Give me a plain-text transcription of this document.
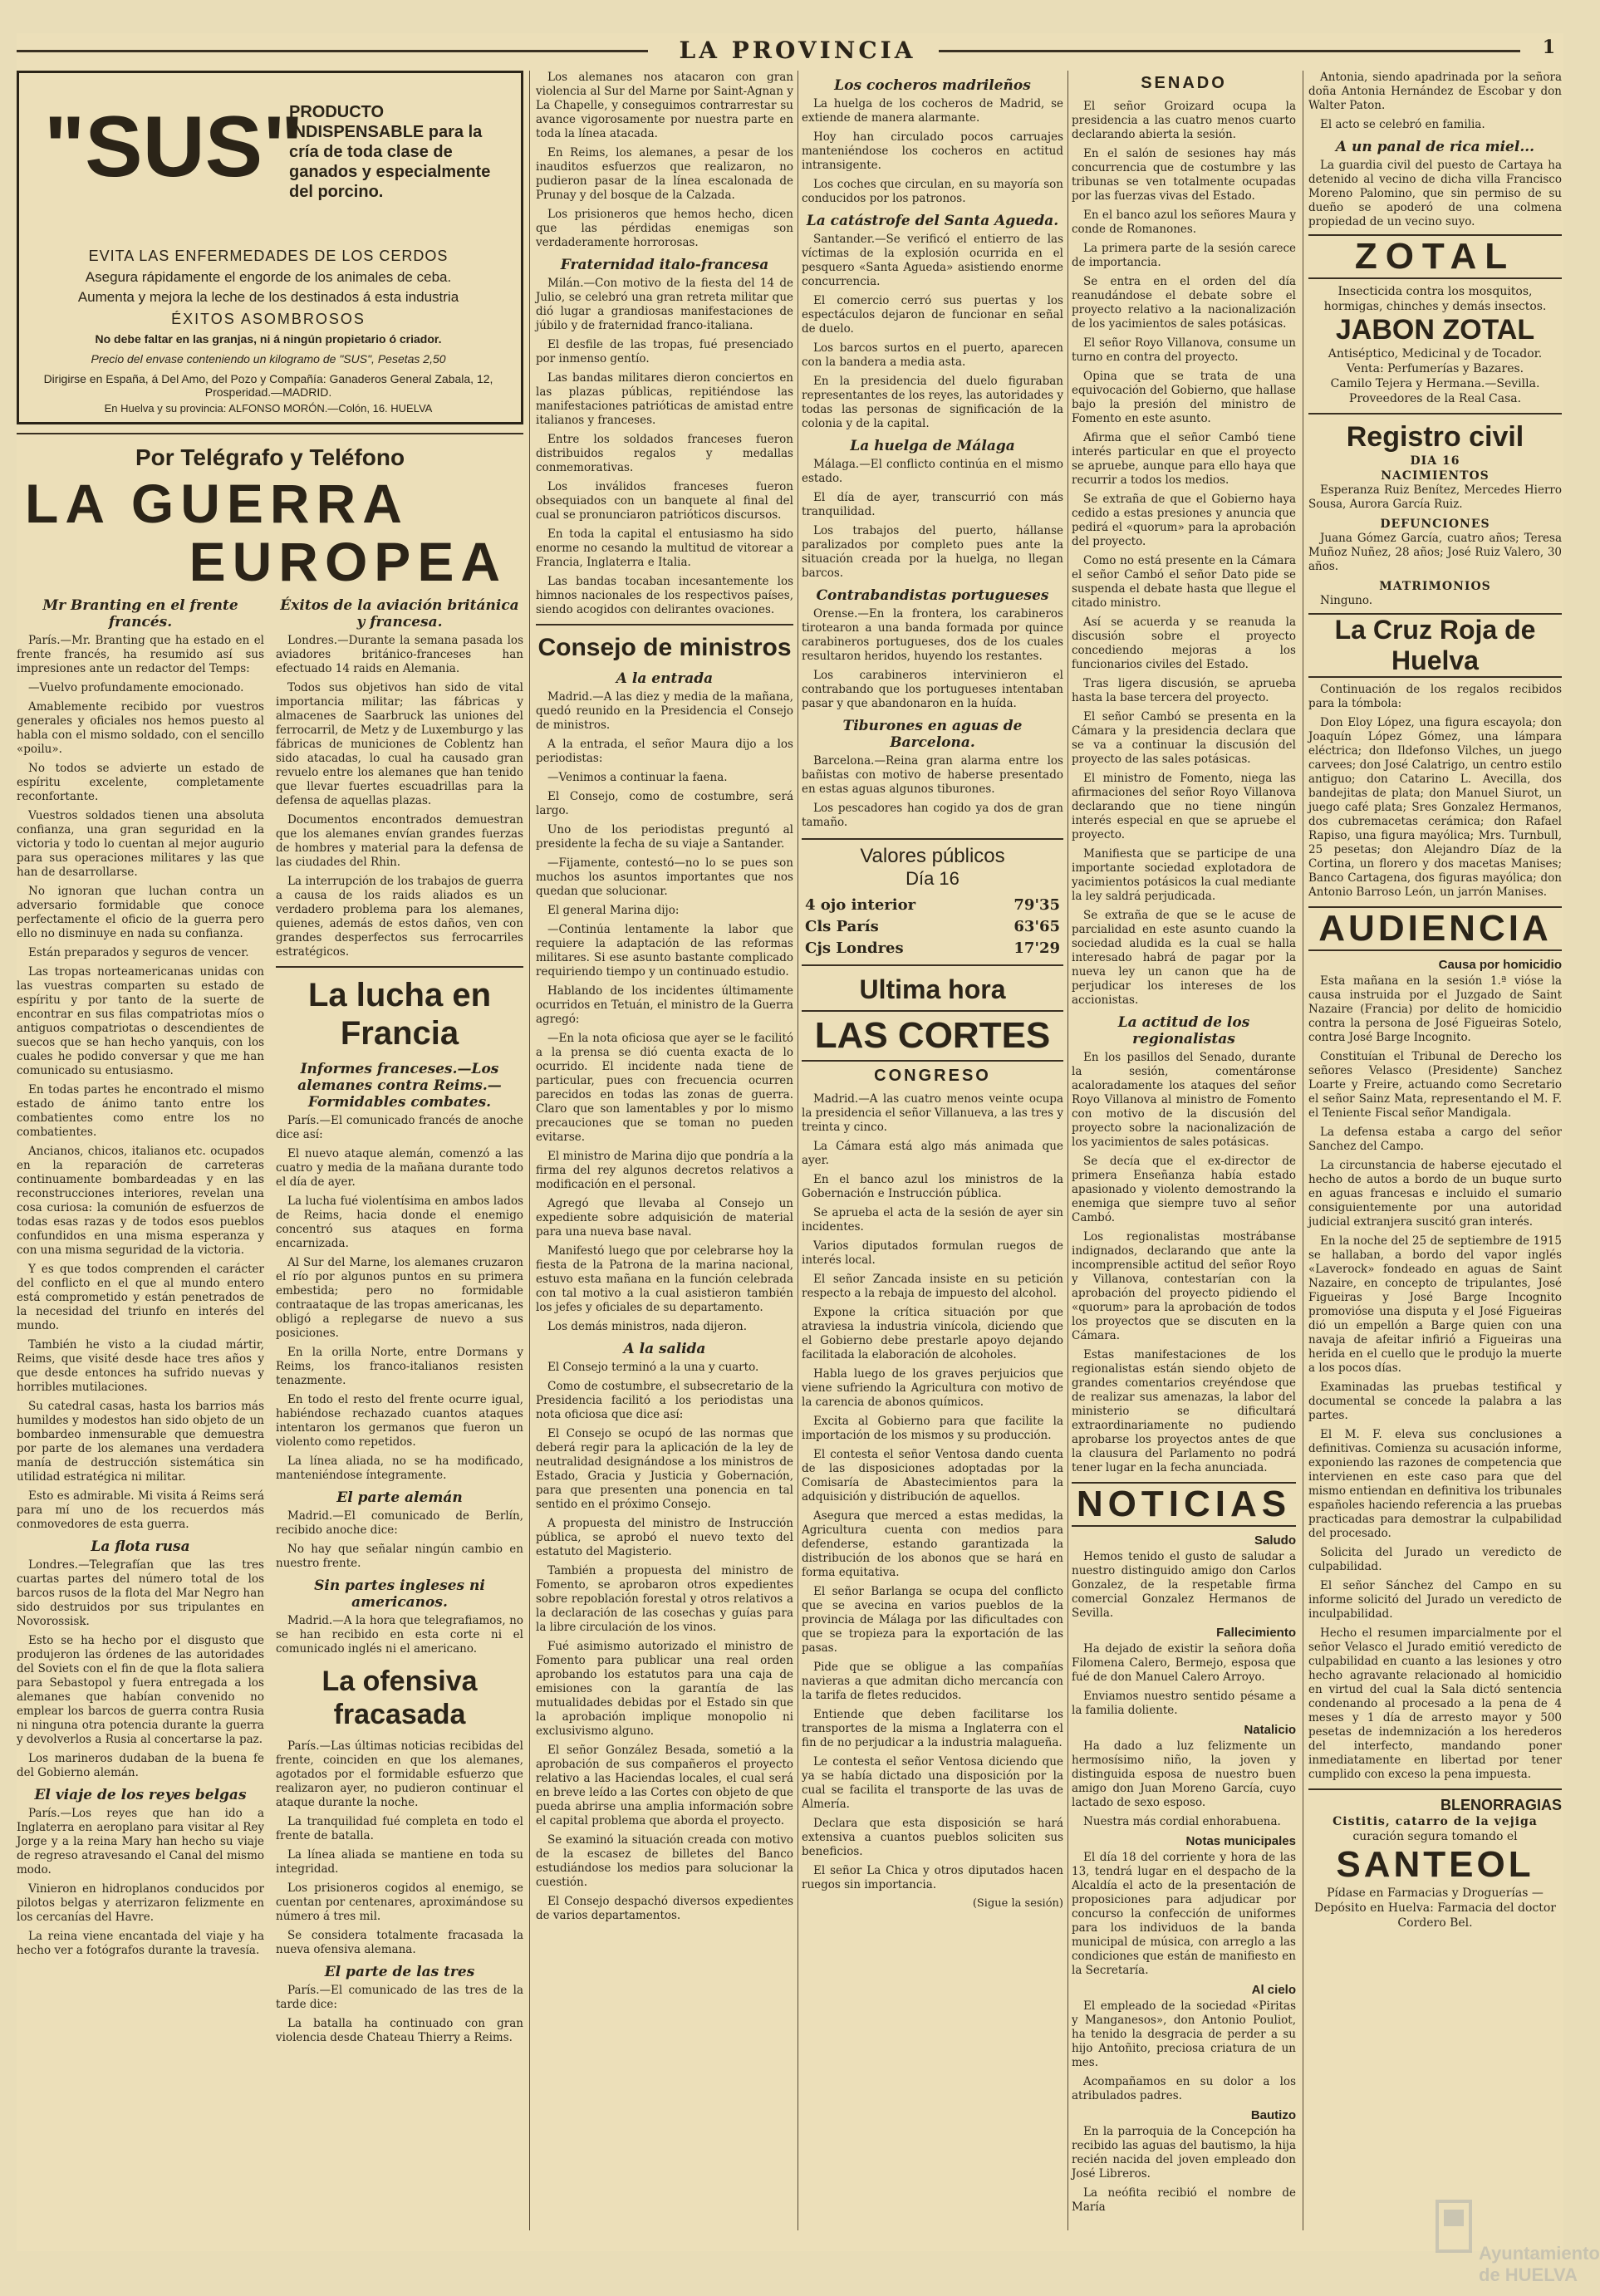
LA PROVINCIA	1
"SUS"
PRODUCTO INDISPENSABLE para la cría de toda clase de ganados y especialmente del porcino.
EVITA LAS ENFERMEDADES DE LOS CERDOS
Asegura rápidamente el engorde de los animales de ceba.
Aumenta y mejora la leche de los destinados á esta industria
ÉXITOS ASOMBROSOS
No debe faltar en las granjas, ni á ningún propietario ó criador.
Precio del envase conteniendo un kilogramo de "SUS", Pesetas 2,50
Dirigirse en España, á Del Amo, del Pozo y Compañía: Ganaderos General Zabala, 12, Prosperidad.—MADRID.
En Huelva y su provincia: ALFONSO MORÓN.—Colón, 16. HUELVA
Por Telégrafo y Teléfono
LA GUERRA
EUROPEA
Mr Branting en el frente francés.

París.—Mr. Branting que ha estado en el frente francés, ha resumido así sus impresiones ante un redactor del Temps:

—Vuelvo profundamente emocionado.

Amablemente recibido por vuestros generales y oficiales nos hemos puesto al habla con el mismo soldado, con el sencillo «poilu».

No todos se advierte un estado de espíritu excelente, completamente reconfortante.

Vuestros soldados tienen una absoluta confianza, una gran seguridad en la victoria y todo lo cuentan al mejor augurio para sus operaciones militares y las que han de desarrollarse.

No ignoran que luchan contra un adversario formidable que conoce perfectamente el oficio de la guerra pero ello no disminuye en nada su confianza.

Están preparados y seguros de vencer.

Las tropas norteamericanas unidas con las vuestras comparten su estado de espíritu y por tanto de la suerte de encontrar en sus filas compatriotas míos o antiguos compatriotas o descendientes de suecos que se han hecho yanquis, con los cuales he podido conversar y que me han comunicado su entusiasmo.

En todas partes he encontrado el mismo estado de ánimo tanto entre los combatientes como entre los no combatientes.

Ancianos, chicos, italianos etc. ocupados en la reparación de carreteras continuamente bombardeadas y en las reconstrucciones interiores, revelan una cosa curiosa: la comunión de esfuerzos de todas esas razas y de todos esos pueblos confundidos en una misma esperanza y con una misma seguridad de la victoria.

Y es que todos comprenden el carácter del conflicto en el que al mundo entero está comprometido y están penetrados de la necesidad del triunfo en interés del mundo.

También he visto a la ciudad mártir, Reims, que visité desde hace tres años y que desde entonces ha sufrido nuevas y horribles mutilaciones.

Su catedral casas, hasta los barrios más humildes y modestos han sido objeto de un bombardeo inmensurable que demuestra por parte de los alemanes una verdadera manía de destrucción sistemática sin utilidad estratégica ni militar.

Esto es admirable. Mi visita á Reims será para mí uno de los recuerdos más conmovedores de esta guerra.

La flota rusa

Londres.—Telegrafían que las tres cuartas partes del número total de los barcos rusos de la flota del Mar Negro han sido destruidos por sus tripulantes en Novorossisk.

Esto se ha hecho por el disgusto que produjeron las órdenes de las autoridades del Soviets con el fin de que la flota saliera para Sebastopol y fuera entregada a los alemanes que habían convenido no emplear los barcos de guerra contra Rusia ni ninguna otra potencia durante la guerra y devolverlos a Rusia al concertarse la paz.

Los marineros dudaban de la buena fe del Gobierno alemán.

El viaje de los reyes belgas

París.—Los reyes que han ido a Inglaterra en aeroplano para visitar al Rey Jorge y a la reina Mary han hecho su viaje de regreso atravesando el Canal del mismo modo.

Vinieron en hidroplanos conducidos por pilotos belgas y aterrizaron felizmente en los cercanías del Havre.

La reina viene encantada del viaje y ha hecho ver a fotógrafos durante la travesía.

Éxitos de la aviación británica y francesa.

Londres.—Durante la semana pasada los aviadores británico-franceses han efectuado 14 raids en Alemania.

Todos sus objetivos han sido de vital importancia militar; las fábricas y almacenes de Saarbruck las uniones del ferrocarril, de Metz y de Luxemburgo y las fábricas de municiones de Coblentz han sido atacadas, lo cual ha causado gran revuelo entre los alemanes que han tenido que llevar fuertes escuadrillas para la defensa de aquellas plazas.

Documentos encontrados demuestran que los alemanes envían grandes fuerzas de hombres y material para la defensa de las ciudades del Rhin.

La interrupción de los trabajos de guerra a causa de los raids aliados es un verdadero problema para los alemanes, quienes, además de estos daños, ven con grandes desperfectos sus ferrocarriles estratégicos.

La lucha en Francia
Informes franceses.—Los alemanes contra Reims.—Formidables combates.

París.—El comunicado francés de anoche dice así:

El nuevo ataque alemán, comenzó a las cuatro y media de la mañana durante todo el día de ayer.

La lucha fué violentísima en ambos lados de Reims, hacia donde el enemigo concentró sus ataques en forma encarnizada.

Al Sur del Marne, los alemanes cruzaron el río por algunos puntos en su primera embestida; pero no formidable contraataque de las tropas americanas, les obligó a replegarse de nuevo a sus posiciones.

En la orilla Norte, entre Dormans y Reims, los franco-italianos resisten tenazmente.

En todo el resto del frente ocurre igual, habiéndose rechazado cuantos ataques intentaron los germanos que fueron un violento como repetidos.

La línea aliada, no se ha modificado, manteniéndose íntegramente.

El parte alemán

Madrid.—El comunicado de Berlín, recibido anoche dice:

No hay que señalar ningún cambio en nuestro frente.

Sin partes ingleses ni americanos.

Madrid.—A la hora que telegrafiamos, no se han recibido en esta corte ni el comunicado inglés ni el americano.

La ofensiva fracasada

París.—Las últimas noticias recibidas del frente, coinciden en que los alemanes, agotados por el formidable esfuerzo que realizaron ayer, no pudieron continuar el ataque durante la noche.

La tranquilidad fué completa en todo el frente de batalla.

La línea aliada se mantiene en toda su integridad.

Los prisioneros cogidos al enemigo, se cuentan por centenares, aproximándose su número á tres mil.

Se considera totalmente fracasada la nueva ofensiva alemana.

El parte de las tres

París.—El comunicado de las tres de la tarde dice:

La batalla ha continuado con gran violencia desde Chateau Thierry a Reims.

Los alemanes nos atacaron con gran violencia al Sur del Marne por Saint-Agnan y La Chapelle, y conseguimos contrarrestar su avance vigorosamente por nuestra parte en toda la línea atacada.

En Reims, los alemanes, a pesar de los inauditos esfuerzos que realizaron, no pudieron pasar de la línea escalonada de Prunay y del bosque de la Calzada.

Los prisioneros que hemos hecho, dicen que las pérdidas enemigas son verdaderamente horrorosas.

Fraternidad italo-francesa

Milán.—Con motivo de la fiesta del 14 de Julio, se celebró una gran retreta militar que dió lugar a grandiosas manifestaciones de júbilo y de fraternidad franco-italiana.

El desfile de las tropas, fué presenciado por inmenso gentío.

Las bandas militares dieron conciertos en las plazas públicas, repitiéndose las manifestaciones patrióticas de amistad entre italianos y franceses.

Entre los soldados franceses fueron distribuidos regalos y medallas conmemorativas.

Los inválidos franceses fueron obsequiados con un banquete al final del cual se pronunciaron patrióticos discursos.

En toda la capital el entusiasmo ha sido enorme no cesando la multitud de vitorear a Francia, Inglaterra e Italia.

Las bandas tocaban incesantemente los himnos nacionales de los respectivos países, siendo acogidos con delirantes ovaciones.

Consejo de ministros
A la entrada

Madrid.—A las diez y media de la mañana, quedó reunido en la Presidencia el Consejo de ministros.

A la entrada, el señor Maura dijo a los periodistas:

—Venimos a continuar la faena.

El Consejo, como de costumbre, será largo.

Uno de los periodistas preguntó al presidente la fecha de su viaje a Santander.

—Fijamente, contestó—no lo se pues son muchos los asuntos importantes que nos quedan que solucionar.

El general Marina dijo:

—Continúa lentamente la labor que requiere la adaptación de las reformas militares. Si ese asunto bastante complicado requiriendo tiempo y un continuado estudio.

Hablando de los incidentes últimamente ocurridos en Tetuán, el ministro de la Guerra agregó:

—En la nota oficiosa que ayer se le facilitó a la prensa se dió cuenta exacta de lo ocurrido. El incidente nada tiene de particular, pues con frecuencia ocurren parecidos en todas las zonas de guerra. Claro que son lamentables y por lo mismo precauciones que se toman no pueden evitarse.

El ministro de Marina dijo que pondría a la firma del rey algunos decretos relativos a modificación en el personal.

Agregó que llevaba al Consejo un expediente sobre adquisición de material para una nueva base naval.

Manifestó luego que por celebrarse hoy la fiesta de la Patrona de la marina nacional, estuvo esta mañana en la función celebrada con tal motivo a la cual asistieron también los jefes y oficiales de su departamento.

Los demás ministros, nada dijeron.

A la salida

El Consejo terminó a la una y cuarto.

Como de costumbre, el subsecretario de la Presidencia facilitó a los periodistas una nota oficiosa que dice así:

El Consejo se ocupó de las normas que deberá regir para la aplicación de la ley de neutralidad designándose a los ministros de Estado, Gracia y Justicia y Gobernación, para que presenten una ponencia en tal sentido en el próximo Consejo.

A propuesta del ministro de Instrucción pública, se aprobó el nuevo texto del estatuto del Magisterio.

También a propuesta del ministro de Fomento, se aprobaron otros expedientes sobre repoblación forestal y otros relativos a la declaración de las cosechas y guías para la libre circulación de los vinos.

Fué asimismo autorizado el ministro de Fomento para publicar una real orden aprobando los estatutos para una caja de emisiones con la garantía de las mutualidades debidas por el Estado sin que la aprobación implique monopolio ni exclusivismo alguno.

El señor González Besada, sometió a la aprobación de sus compañeros el proyecto relativo a las Haciendas locales, el cual será en breve leído a las Cortes con objeto de que pueda abrirse una amplia información sobre el capital problema que aborda el proyecto.

Se examinó la situación creada con motivo de la escasez de billetes del Banco estudiándose los medios para solucionar la cuestión.

El Consejo despachó diversos expedientes de varios departamentos.

Los cocheros madrileños

La huelga de los cocheros de Madrid, se extiende de manera alarmante.

Hoy han circulado pocos carruajes manteniéndose los cocheros en actitud intransigente.

Los coches que circulan, en su mayoría son conducidos por los patronos.

La catástrofe del Santa Agueda.

Santander.—Se verificó el entierro de las víctimas de la explosión ocurrida en el pesquero «Santa Agueda» asistiendo enorme concurrencia.

El comercio cerró sus puertas y los espectáculos dejaron de funcionar en señal de duelo.

Los barcos surtos en el puerto, aparecen con la bandera a media asta.

En la presidencia del duelo figuraban representantes de los reyes, las autoridades y todas las personas de significación de la colonia y de la capital.

La huelga de Málaga

Málaga.—El conflicto continúa en el mismo estado.

El día de ayer, transcurrió con más tranquilidad.

Los trabajos del puerto, hállanse paralizados por completo pues ante la situación creada por la huelga, no llegan barcos.

Contrabandistas portugueses

Orense.—En la frontera, los carabineros tirotearon a una banda formada por quince carabineros portugueses, dos de los cuales resultaron heridos, huyendo los restantes.

Los carabineros intervinieron el contrabando que los portugueses intentaban pasar y que abandonaron en la huída.

Tiburones en aguas de Barcelona.

Barcelona.—Reina gran alarma entre los bañistas con motivo de haberse presentado en estas aguas algunos tiburones.

Los pescadores han cogido ya dos de gran tamaño.

Valores públicos
Día 16
4 ojo interior	79'35
Cls París	63'65
Cjs Londres	17'29
Ultima hora
LAS CORTES
CONGRESO

Madrid.—A las cuatro menos veinte ocupa la presidencia el señor Villanueva, a las tres y treinta y cinco.

La Cámara está algo más animada que ayer.

En el banco azul los ministros de la Gobernación e Instrucción pública.

Se aprueba el acta de la sesión de ayer sin incidentes.

Varios diputados formulan ruegos de interés local.

El señor Zancada insiste en su petición respecto a la rebaja de impuesto del alcohol.

Expone la crítica situación por que atraviesa la industria vinícola, diciendo que el Gobierno debe prestarle apoyo dejando facilitada la elaboración de alcoholes.

Habla luego de los graves perjuicios que viene sufriendo la Agricultura con motivo de la carencia de abonos químicos.

Excita al Gobierno para que facilite la importación de los mismos y su producción.

El contesta el señor Ventosa dando cuenta de las disposiciones adoptadas por la Comisaría de Abastecimientos para la adquisición y distribución de aquellos.

Asegura que merced a estas medidas, la Agricultura cuenta con medios para defenderse, estando garantizada la distribución de los abonos que se hará en forma equitativa.

El señor Barlanga se ocupa del conflicto que se avecina en varios pueblos de la provincia de Málaga por las dificultades con que se tropieza para la exportación de las pasas.

Pide que se obligue a las compañías navieras a que admitan dicho mercancía con la tarifa de fletes reducidos.

Entiende que deben facilitarse los transportes de la misma a Inglaterra con el fin de no perjudicar a la industria malagueña.

Le contesta el señor Ventosa diciendo que ya se había dictado una disposición por la cual se facilita el transporte de las uvas de Almería.

Declara que esta disposición se hará extensiva a cuantos pueblos soliciten sus beneficios.

El señor La Chica y otros diputados hacen ruegos sin importancia.

(Sigue la sesión)
SENADO

El señor Groizard ocupa la presidencia a las cuatro menos cuarto declarando abierta la sesión.

En el salón de sesiones hay más concurrencia que de costumbre y las tribunas se ven totalmente ocupadas por las fuerzas vivas del Estado.

En el banco azul los señores Maura y conde de Romanones.

La primera parte de la sesión carece de importancia.

Se entra en el orden del día reanudándose el debate sobre el proyecto relativo a la nacionalización de los yacimientos de sales potásicas.

El señor Royo Villanova, consume un turno en contra del proyecto.

Opina que se trata de una equivocación del Gobierno, que hallase bajo la presión del ministro de Fomento en este asunto.

Afirma que el señor Cambó tiene interés particular en que el proyecto se apruebe, aunque para ello haya que recurrir a todos los medios.

Se extraña de que el Gobierno haya cedido a estas presiones y anuncia que pedirá el «quorum» para la aprobación del proyecto.

Como no está presente en la Cámara el señor Cambó el señor Dato pide se suspenda el debate hasta que llegue el citado ministro.

Así se acuerda y se reanuda la discusión sobre el proyecto concediendo mejoras a los funcionarios civiles del Estado.

Tras ligera discusión, se aprueba hasta la base tercera del proyecto.

El señor Cambó se presenta en la Cámara y la presidencia declara que se va a continuar la discusión del proyecto de las sales potásicas.

El ministro de Fomento, niega las afirmaciones del señor Royo Villanova declarando que no tiene ningún interés especial en que se apruebe el proyecto.

Manifiesta que se participe de una importante sociedad explotadora de yacimientos potásicos la cual mediante la ley saldrá perjudicada.

Se extraña de que se le acuse de parcialidad en este asunto cuando la sociedad aludida es la cual se halla interesado habrá de pagar por la nueva ley un canon que ha de perjudicar los intereses de los accionistas.

La actitud de los regionalistas

En los pasillos del Senado, durante la sesión, comentáronse acaloradamente los ataques del señor Royo Villanova al ministro de Fomento con motivo de la discusión del proyecto sobre la nacionalización de los yacimientos de sales potásicas.

Se decía que el ex-director de primera Enseñanza había estado apasionado y violento demostrando la enemiga que siempre tuvo al señor Cambó.

Los regionalistas mostrábanse indignados, declarando que ante la incomprensible actitud del señor Royo y Villanova, contestarían con la aprobación del proyecto pidiendo el «quorum» para la aprobación de todos los proyectos que se discuten en la Cámara.

Estas manifestaciones de los regionalistas están siendo objeto de grandes comentarios creyéndose que de realizar sus amenazas, la labor del ministerio se dificultará extraordinariamente no pudiendo aprobarse los proyectos antes de que la clausura del Parlamento no podrá tener lugar en la fecha anunciada.

NOTICIAS
Saludo

Hemos tenido el gusto de saludar a nuestro distinguido amigo don Carlos Gonzalez, de la respetable firma comercial Gonzalez Hermanos de Sevilla.

Fallecimiento

Ha dejado de existir la señora doña Filomena Calero, Bermejo, esposa que fué de don Manuel Calero Arroyo.

Enviamos nuestro sentido pésame a la familia doliente.

Natalicio

Ha dado a luz felizmente un hermosísimo niño, la joven y distinguida esposa de nuestro buen amigo don Juan Moreno García, cuyo lactado de sexo esposo.

Nuestra más cordial enhorabuena.

Notas municipales

El día 18 del corriente y hora de las 13, tendrá lugar en el despacho de la Alcaldía el acto de la presentación de proposiciones para adjudicar por concurso la confección de uniformes para los individuos de la banda municipal de música, con arreglo a las condiciones que están de manifiesto en la Secretaría.

Al cielo

El empleado de la sociedad «Piritas y Manganesos», don Antonio Pouliot, ha tenido la desgracia de perder a su hijo Antoñito, preciosa criatura de un mes.

Acompañamos en su dolor a los atribulados padres.

Bautizo

En la parroquia de la Concepción ha recibido las aguas del bautismo, la hija recién nacida del joven empleado don José Libreros.

La neófita recibió el nombre de María

Antonia, siendo apadrinada por la señora doña Antonia Hernández de Escobar y don Walter Paton.

El acto se celebró en familia.

A un panal de rica miel...

La guardia civil del puesto de Cartaya ha detenido al vecino de dicha villa Francisco Moreno Palomino, que sin permiso de su dueño se apoderó de una colmena propiedad de un vecino suyo.

ZOTAL
Insecticida contra los mosquitos, hormigas, chinches y demás insectos.
JABON ZOTAL
Antiséptico, Medicinal y de Tocador.
Venta: Perfumerías y Bazares.
Camilo Tejera y Hermana.—Sevilla.
Proveedores de la Real Casa.
Registro civil
DIA 16
NACIMIENTOS

Esperanza Ruiz Benítez, Mercedes Hierro Sousa, Aurora García Ruiz.

DEFUNCIONES

Juana Gómez García, cuatro años; Teresa Muñoz Nuñez, 28 años; José Ruiz Valero, 30 años.

MATRIMONIOS

Ninguno.

La Cruz Roja de Huelva

Continuación de los regalos recibidos para la tómbola:

Don Eloy López, una figura escayola; don Joaquín López Gómez, una lámpara eléctrica; don Ildefonso Vilches, un juego carvees; don José Calatrigo, un centro estilo antiguo; don Catarino L. Avecilla, dos bandejitas de plata; don Manuel Siurot, un juego café plata; Sres Gonzalez Hermanos, dos cubremacetas cerámica; don Rafael Rapiso, una figura mayólica; Mrs. Turnbull, 25 pesetas; don Alejandro Díaz de la Cortina, un florero y dos macetas Manises; Banco Cartagena, dos figuras mayólica; don Antonio Barroso León, un jarrón Manises.

AUDIENCIA
Causa por homicidio

Esta mañana en la sesión 1.ª vióse la causa instruida por el Juzgado de Saint Nazaire (Francia) por delito de homicidio contra la persona de José Figueiras Sotelo, contra José Barge Incognito.

Constituían el Tribunal de Derecho los señores Velasco (Presidente) Sanchez Loarte y Freire, actuando como Secretario el señor Sainz Mata, representando el M. F. el Teniente Fiscal señor Mandigala.

La defensa estaba a cargo del señor Sanchez del Campo.

La circunstancia de haberse ejecutado el hecho de autos a bordo de un buque surto en aguas francesas e incluido el sumario consiguientemente por una autoridad judicial extranjera suscitó gran interés.

En la noche del 25 de septiembre de 1915 se hallaban, a bordo del vapor inglés «Laverock» fondeado en aguas de Saint Nazaire, en concepto de tripulantes, José Figueiras y José Barge Incognito promovióse una disputa y el José Figueiras dió un empellón a Barge quien con una navaja de afeitar infirió a Figueiras una herida en el cuello que le produjo la muerte a los pocos días.

Examinadas las pruebas testifical y documental se concede la palabra a las partes.

El M. F. eleva sus conclusiones a definitivas. Comienza su acusación informe, exponiendo las razones de competencia que intervienen en este caso para que del mismo entiendan en definitiva los tribunales españoles haciendo referencia a las pruebas practicadas para demostrar la culpabilidad del procesado.

Solicita del Jurado un veredicto de culpabilidad.

El señor Sánchez del Campo en su informe solicitó del Jurado un veredicto de inculpabilidad.

Hecho el resumen imparcialmente por el señor Velasco el Jurado emitió veredicto de culpabilidad en cuanto a las lesiones y otro hecho agravante relacionado al homicidio en virtud del cual la Sala dictó sentencia condenando al procesado a la pena de 4 meses y 1 día de arresto mayor y 500 pesetas de indemnización a los herederos del interfecto, mandando poner inmediatamente en libertad por tener cumplido con exceso la pena impuesta.

BLENORRAGIAS
Cistitis, catarro de la vejiga
curación segura tomando el
SANTEOL
Pídase en Farmacias y Droguerías — Depósito en Huelva: Farmacia del doctor Cordero Bel.
Ayuntamiento de HUELVA
